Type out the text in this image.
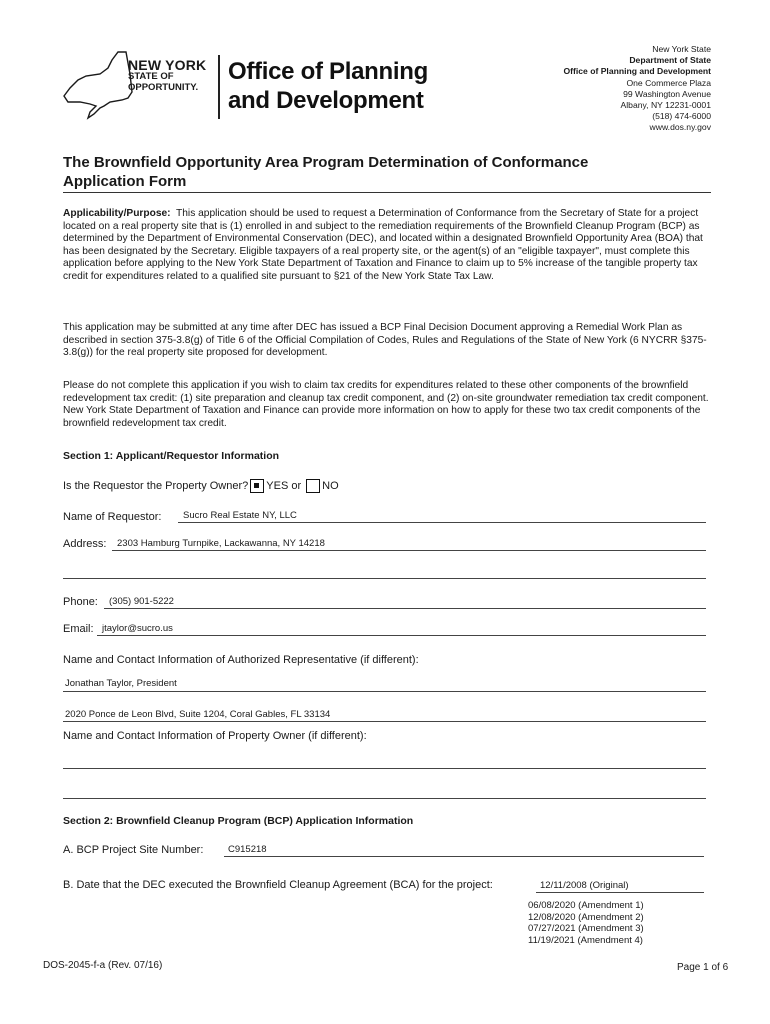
NEW YORK
STATE OF
OPPORTUNITY.
Office of Planning
and Development
New York State
Department of State
Office of Planning and Development
One Commerce Plaza
99 Washington Avenue
Albany, NY 12231-0001
(518) 474-6000
www.dos.ny.gov
The Brownfield Opportunity Area Program Determination of Conformance
Application Form
Applicability/Purpose: This application should be used to request a Determination of Conformance from the Secretary of State for a project located on a real property site that is (1) enrolled in and subject to the remediation requirements of the Brownfield Cleanup Program (BCP) as determined by the Department of Environmental Conservation (DEC), and located within a designated Brownfield Opportunity Area (BOA) that has been designated by the Secretary. Eligible taxpayers of a real property site, or the agent(s) of an "eligible taxpayer", must complete this application before applying to the New York State Department of Taxation and Finance to claim up to 5% increase of the tangible property tax credit for expenditures related to a qualified site pursuant to §21 of the New York State Tax Law.
This application may be submitted at any time after DEC has issued a BCP Final Decision Document approving a Remedial Work Plan as described in section 375-3.8(g) of Title 6 of the Official Compilation of Codes, Rules and Regulations of the State of New York (6 NYCRR §375-3.8(g)) for the real property site proposed for development.
Please do not complete this application if you wish to claim tax credits for expenditures related to these other components of the brownfield redevelopment tax credit: (1) site preparation and cleanup tax credit component, and (2) on-site groundwater remediation tax credit component. New York State Department of Taxation and Finance can provide more information on how to apply for these two tax credit components of the brownfield redevelopment tax credit.
Section 1: Applicant/Requestor Information
Is the Requestor the Property Owner? YES or NO
Name of Requestor: Sucro Real Estate NY, LLC
Address: 2303 Hamburg Turnpike, Lackawanna, NY 14218
Phone: (305) 901-5222
Email: jtaylor@sucro.us
Name and Contact Information of Authorized Representative (if different):
Jonathan Taylor, President
2020 Ponce de Leon Blvd, Suite 1204, Coral Gables, FL 33134
Name and Contact Information of Property Owner (if different):
Section 2: Brownfield Cleanup Program (BCP) Application Information
A. BCP Project Site Number:	C915218
B. Date that the DEC executed the Brownfield Cleanup Agreement (BCA) for the project:	12/11/2008 (Original)
06/08/2020 (Amendment 1)
12/08/2020 (Amendment 2)
07/27/2021 (Amendment 3)
11/19/2021 (Amendment 4)
DOS-2045-f-a (Rev. 07/16)	Page 1 of 6
